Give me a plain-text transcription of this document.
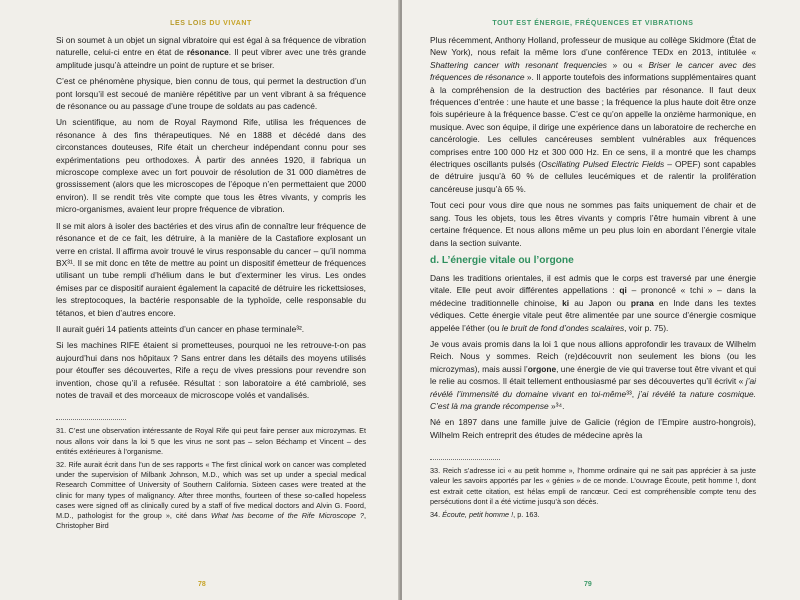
LES LOIS DU VIVANT

Si on soumet à un objet un signal vibratoire qui est égal à sa fréquence de vibration naturelle, celui-ci entre en état de résonance. Il peut vibrer avec une très grande amplitude jusqu’à atteindre un point de rupture et se briser.

C’est ce phénomène physique, bien connu de tous, qui permet la destruction d’un pont lorsqu’il est secoué de manière répétitive par un vent vibrant à sa fréquence de résonance ou au passage d’une troupe de soldats au pas cadencé.

Un scientifique, au nom de Royal Raymond Rife, utilisa les fréquences de résonance à des fins thérapeutiques. Né en 1888 et décédé dans des circonstances douteuses, Rife était un chercheur indépendant connu pour ses expérimentations peu orthodoxes. À partir des années 1920, il fabriqua un microscope complexe avec un fort pouvoir de résolution de 31 000 diamètres de grossissement (alors que les microscopes de l’époque n’en permettaient que 2000 environ). Il se rendit très vite compte que tous les êtres vivants, y compris les micro-organismes, avaient leur propre fréquence de vibration.

Il se mit alors à isoler des bactéries et des virus afin de connaître leur fréquence de résonance et de ce fait, les détruire, à la manière de la Castafiore explosant un verre en cristal. Il affirma avoir trouvé le virus responsable du cancer – qu’il nomma BX³¹. Il se mit donc en tête de mettre au point un dispositif émetteur de fréquences utilisant un tube rempli d’hélium dans le but d’exterminer les virus. Les ondes émises par ce dispositif auraient également la capacité de détruire les rickettsioses, les streptocoques, la bactérie responsable de la typhoïde, celle responsable du tétanos, et bien d’autres encore.

Il aurait guéri 14 patients atteints d’un cancer en phase terminale³².

Si les machines RIFE étaient si prometteuses, pourquoi ne les retrouve-t-on pas aujourd’hui dans nos hôpitaux ? Sans entrer dans les détails des moyens utilisés pour étouffer ses découvertes, Rife a reçu de vives pressions pour revendre son invention, chose qu’il a refusée. Résultat : son laboratoire a été cambriolé, ses notes de travail et des morceaux de microscope volés et vandalisés.

31. C’est une observation intéressante de Royal Rife qui peut faire penser aux microzymas. Et nous allons voir dans la loi 5 que les virus ne sont pas – selon Béchamp et Vincent – des entités extérieures à l’organisme.

32. Rife aurait écrit dans l’un de ses rapports « The first clinical work on cancer was completed under the supervision of Milbank Johnson, M.D., which was set up under a special medical Research Committee of University of Southern California. Sixteen cases were treated at the clinic for many types of malignancy. After three months, fourteen of these so-called hopeless cases were signed off as clinically cured by a staff of five medical doctors and Alvin G. Foord, M.D., pathologist for the group », cité dans What has become of the Rife Microscope ?, Christopher Bird

78
TOUT EST ÉNERGIE, FRÉQUENCES ET VIBRATIONS

Plus récemment, Anthony Holland, professeur de musique au collège Skidmore (État de New York), nous refait la même lors d’une conférence TEDx en 2013, intitulée « Shattering cancer with resonant frequencies » ou « Briser le cancer avec des fréquences de résonance ». Il apporte toutefois des informations supplémentaires quant à la compréhension de la destruction des bactéries par résonance. Il faut deux fréquences d’entrée : une haute et une basse ; la fréquence la plus haute doit être onze fois supérieure à la fréquence basse. C’est ce qu’on appelle la onzième harmonique, en musique. Avec son équipe, il dirige une expérience dans un laboratoire de recherche en cancérologie. Les cellules cancéreuses semblent vulnérables aux fréquences comprises entre 100 000 Hz et 300 000 Hz. En ce sens, il a montré que les champs électriques oscillants pulsés (Oscillating Pulsed Electric Fields – OPEF) sont capables de détruire jusqu’à 60 % de cellules leucémiques et de ralentir la prolifération cancéreuse jusqu’à 65 %.

Tout ceci pour vous dire que nous ne sommes pas faits uniquement de chair et de sang. Tous les objets, tous les êtres vivants y compris l’être humain vibrent à une certaine fréquence. Et nous allons même un peu plus loin en abordant l’énergie vitale dans la section suivante.

d. L’énergie vitale ou l’orgone

Dans les traditions orientales, il est admis que le corps est traversé par une énergie vitale. Elle peut avoir différentes appellations : qi – prononcé « tchi » – dans la médecine traditionnelle chinoise, ki au Japon ou prana en Inde dans les textes védiques. Cette énergie vitale peut être alimentée par une source d’énergie cosmique appelée l’éther (ou le bruit de fond d’ondes scalaires, voir p. 75).

Je vous avais promis dans la loi 1 que nous allions approfondir les travaux de Wilhelm Reich. Nous y sommes. Reich (re)découvrit non seulement les bions (ou les microzymas), mais aussi l’orgone, une énergie de vie qui traverse tout être vivant et qui le relie au cosmos. Il était tellement enthousiasmé par ses découvertes qu’il écrivit « j’ai révélé l’immensité du domaine vivant en toi-même³³, j’ai révélé ta nature cosmique. C’est là ma grande récompense »³⁴.

Né en 1897 dans une famille juive de Galicie (région de l’Empire austro-hongrois), Wilhelm Reich entreprit des études de médecine après la

33. Reich s’adresse ici « au petit homme », l’homme ordinaire qui ne sait pas apprécier à sa juste valeur les savoirs apportés par les « génies » de ce monde. L’ouvrage Écoute, petit homme !, dont est extrait cette citation, est hélas empli de rancœur. Ceci est compréhensible compte tenu des persécutions dont il a été victime jusqu’à son décès.

34. Écoute, petit homme !, p. 163.

79
